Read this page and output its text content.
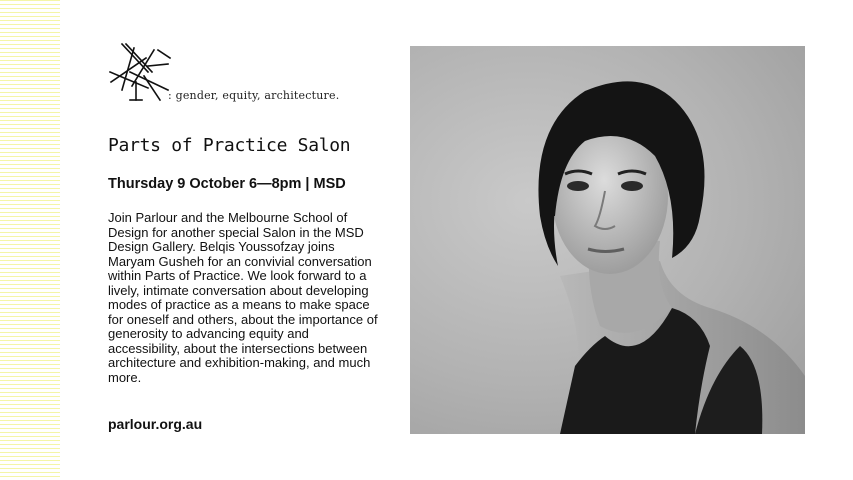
: gender, equity, architecture.
Parts of Practice Salon
Thursday 9 October 6—8pm | MSD

Join Parlour and the Melbourne School of Design for another special Salon in the MSD Design Gallery. Belqis Youssofzay joins Maryam Gusheh for an convivial conversation within Parts of Practice. We look forward to a lively, intimate conversation about developing modes of practice as a means to make space for oneself and others, about the importance of generosity to advancing equity and accessibility, about the intersections between architecture and exhibition-making, and much more.

parlour.org.au
